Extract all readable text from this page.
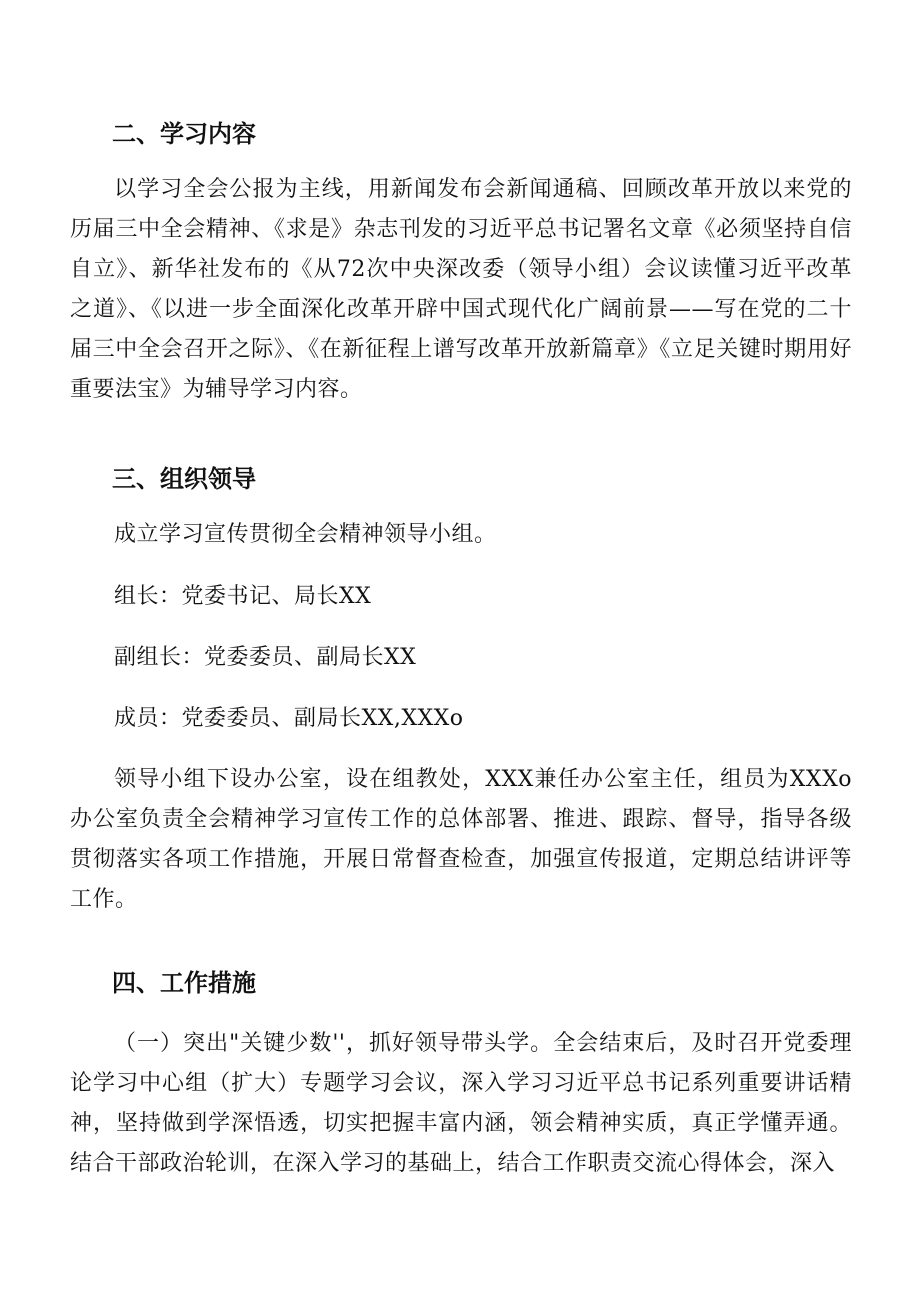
二、学习内容
以学习全会公报为主线，用新闻发布会新闻通稿、回顾改革开放以来党的历届三中全会精神、《求是》杂志刊发的习近平总书记署名文章《必须坚持自信自立》、新华社发布的《从72次中央深改委（领导小组）会议读懂习近平改革之道》、《以进一步全面深化改革开辟中国式现代化广阔前景——写在党的二十届三中全会召开之际》、《在新征程上谱写改革开放新篇章》《立足关键时期用好重要法宝》为辅导学习内容。
三、组织领导
成立学习宣传贯彻全会精神领导小组。
组长：党委书记、局长XX
副组长：党委委员、副局长XX
成员：党委委员、副局长XX,XXXo
领导小组下设办公室，设在组教处，XXX兼任办公室主任，组员为XXXo办公室负责全会精神学习宣传工作的总体部署、推进、跟踪、督导，指导各级贯彻落实各项工作措施，开展日常督查检查，加强宣传报道，定期总结讲评等工作。
四、工作措施
（一）突出"关键少数''，抓好领导带头学。全会结束后，及时召开党委理论学习中心组（扩大）专题学习会议，深入学习习近平总书记系列重要讲话精神，坚持做到学深悟透，切实把握丰富内涵，领会精神实质，真正学懂弄通。结合干部政治轮训，在深入学习的基础上，结合工作职责交流心得体会，深入
